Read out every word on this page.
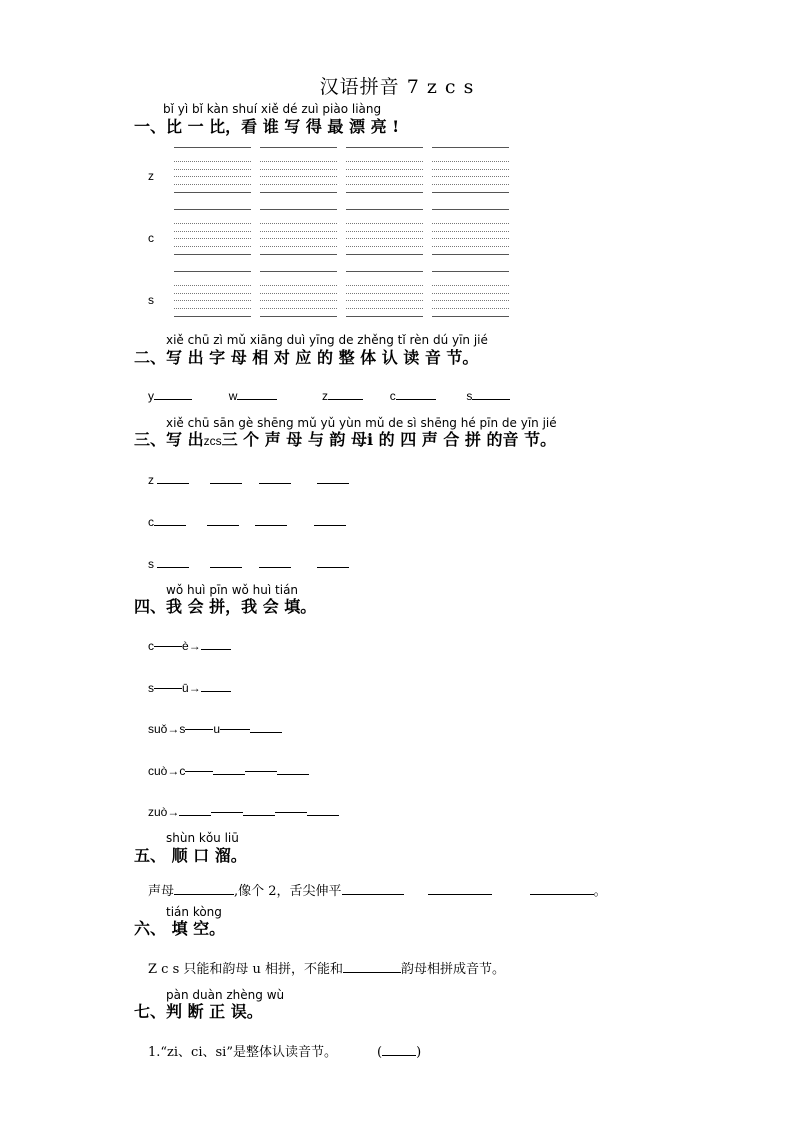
汉语拼音 7 z c s
bǐ yì bǐ kàn shuí xiě dé zuì piào liàng
一、比 一 比，看 谁 写 得 最 漂 亮 !
z
c
s
xiě chū zì mǔ xiāng duì yīng de zhěng tǐ rèn dú yīn jié
二、写 出 字 母 相 对 应 的 整 体 认 读 音 节。
y	w	z	c	s
xiě chū sān gè shēng mǔ yǔ yùn mǔ de sì shēng hé pīn de yīn jié
三、写 出zcs三 个 声 母 与 韵 母i 的 四 声 合 拼 的音 节。
z
c
s
wǒ huì pīn wǒ huì tián
四、我 会 拼，我 会 填。
c è→
s ū→
suǒ→s u
cuò→c
zuò→
shùn kǒu liū
五、 顺 口 溜。
声母	,像个 2，舌尖伸平	。
tián kòng
六、 填 空。
Z c s 只能和韵母 u 相拼，不能和	韵母相拼成音节。
pàn duàn zhèng wù
七、判 断 正 误。
1.“zi、ci、si”是整体认读音节。	(	)
